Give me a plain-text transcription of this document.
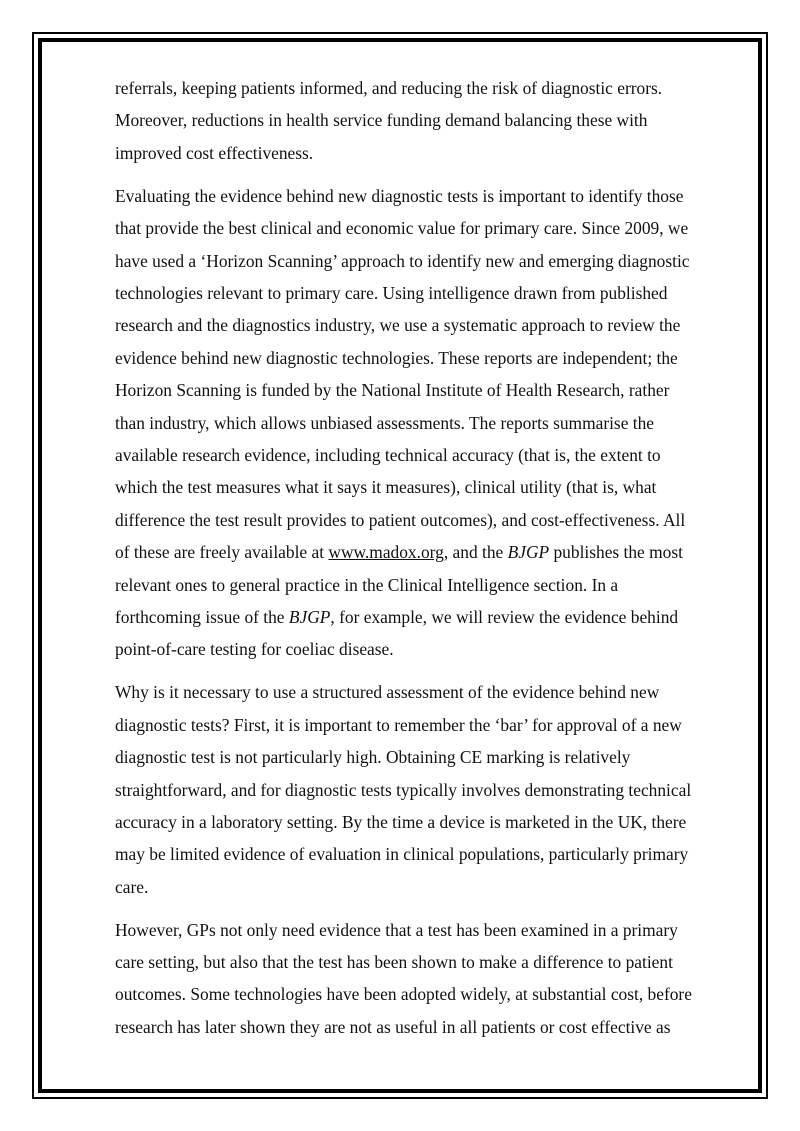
referrals, keeping patients informed, and reducing the risk of diagnostic errors.
Moreover, reductions in health service funding demand balancing these with
improved cost effectiveness.

Evaluating the evidence behind new diagnostic tests is important to identify those
that provide the best clinical and economic value for primary care. Since 2009, we
have used a ‘Horizon Scanning’ approach to identify new and emerging diagnostic
technologies relevant to primary care. Using intelligence drawn from published
research and the diagnostics industry, we use a systematic approach to review the
evidence behind new diagnostic technologies. These reports are independent; the
Horizon Scanning is funded by the National Institute of Health Research, rather
than industry, which allows unbiased assessments. The reports summarise the
available research evidence, including technical accuracy (that is, the extent to
which the test measures what it says it measures), clinical utility (that is, what
difference the test result provides to patient outcomes), and cost-effectiveness. All
of these are freely available at www.madox.org, and the BJGP publishes the most
relevant ones to general practice in the Clinical Intelligence section. In a
forthcoming issue of the BJGP, for example, we will review the evidence behind
point-of-care testing for coeliac disease.

Why is it necessary to use a structured assessment of the evidence behind new
diagnostic tests? First, it is important to remember the ‘bar’ for approval of a new
diagnostic test is not particularly high. Obtaining CE marking is relatively
straightforward, and for diagnostic tests typically involves demonstrating technical
accuracy in a laboratory setting. By the time a device is marketed in the UK, there
may be limited evidence of evaluation in clinical populations, particularly primary
care.

However, GPs not only need evidence that a test has been examined in a primary
care setting, but also that the test has been shown to make a difference to patient
outcomes. Some technologies have been adopted widely, at substantial cost, before
research has later shown they are not as useful in all patients or cost effective as
